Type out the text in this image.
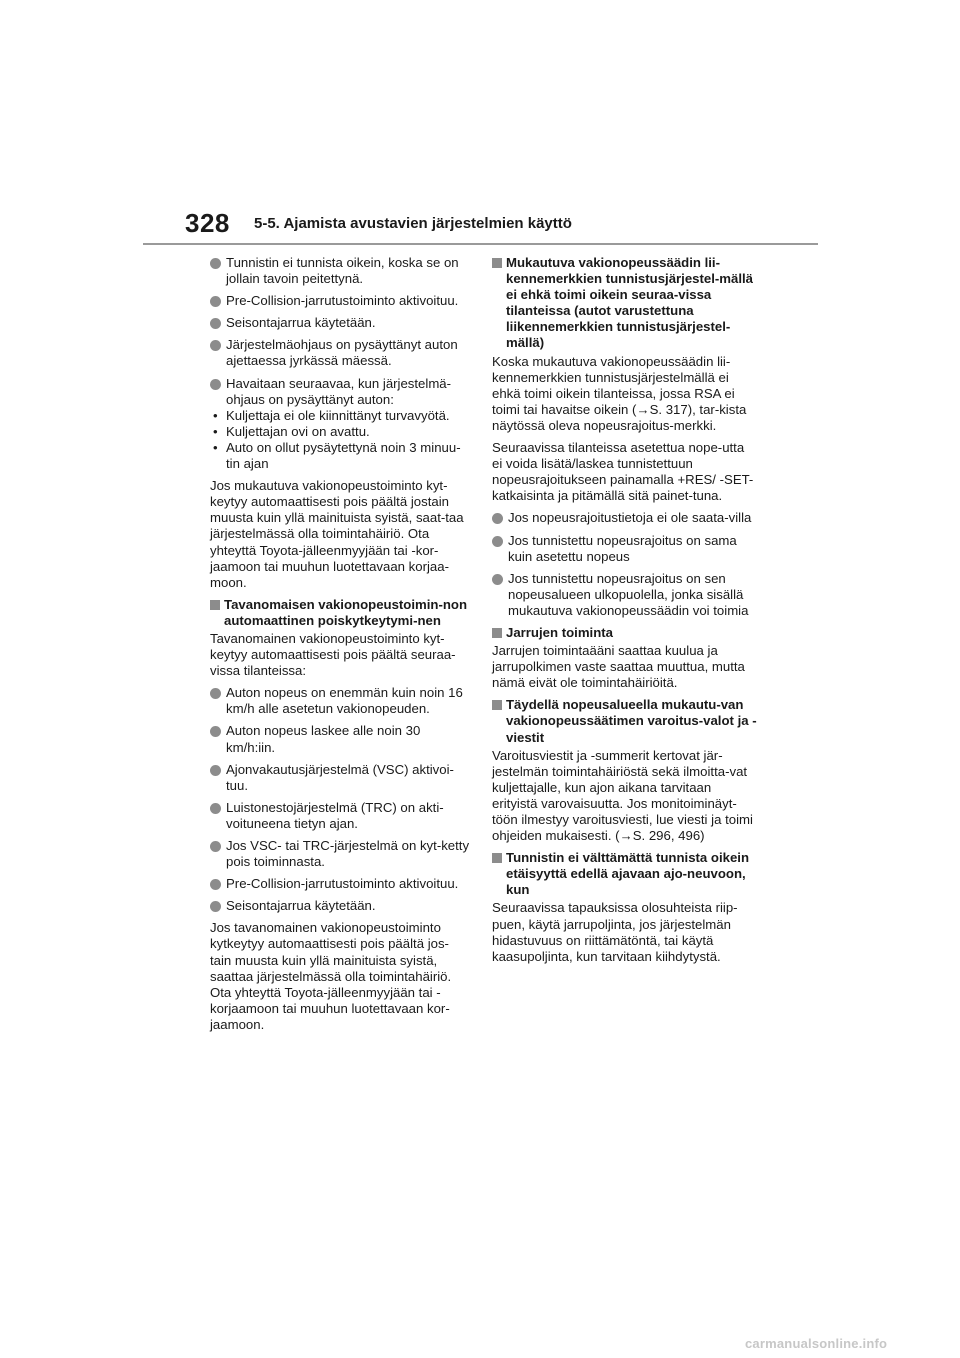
328 5-5. Ajamista avustavien järjestelmien käyttö
Tunnistin ei tunnista oikein, koska se on jollain tavoin peitettynä.
Pre-Collision-jarrutustoiminto aktivoituu.
Seisontajarrua käytetään.
Järjestelmäohjaus on pysäyttänyt auton ajettaessa jyrkässä mäessä.
Havaitaan seuraavaa, kun järjestelmä-ohjaus on pysäyttänyt auton:
• Kuljettaja ei ole kiinnittänyt turvavyötä.
• Kuljettajan ovi on avattu.
• Auto on ollut pysäytettynä noin 3 minuu-tin ajan
Jos mukautuva vakionopeustoiminto kyt-keytyy automaattisesti pois päältä jostain muusta kuin yllä mainituista syistä, saat-taa järjestelmässä olla toimintahäiriö. Ota yhteyttä Toyota-jälleenmyyjään tai -kor-jaamoon tai muuhun luotettavaan korjaa-moon.
Tavanomaisen vakionopeustoimin-non automaattinen poiskytkeytymi-nen
Tavanomainen vakionopeustoiminto kyt-keytyy automaattisesti pois päältä seuraa-vissa tilanteissa:
Auton nopeus on enemmän kuin noin 16 km/h alle asetetun vakionopeuden.
Auton nopeus laskee alle noin 30 km/h:iin.
Ajonvakautusjärjestelmä (VSC) aktivoi-tuu.
Luistonestojärjestelmä (TRC) on akti-voituneena tietyn ajan.
Jos VSC- tai TRC-järjestelmä on kyt-ketty pois toiminnasta.
Pre-Collision-jarrutustoiminto aktivoituu.
Seisontajarrua käytetään.
Jos tavanomainen vakionopeustoiminto kytkeytyy automaattisesti pois päältä jos-tain muusta kuin yllä mainituista syistä, saattaa järjestelmässä olla toimintahäiriö. Ota yhteyttä Toyota-jälleenmyyjään tai -korjaamoon tai muuhun luotettavaan kor-jaamoon.
Mukautuva vakionopeussäädin lii-kennemerkkien tunnistusjärjestel-mällä ei ehkä toimi oikein seuraa-vissa tilanteissa (autot varustettuna liikennemerkkien tunnistusjärjestel-mällä)
Koska mukautuva vakionopeussäädin lii-kennemerkkien tunnistusjärjestelmällä ei ehkä toimi oikein tilanteissa, jossa RSA ei toimi tai havaitse oikein (→S. 317), tar-kista näytössä oleva nopeusrajoitus-merkki.
Seuraavissa tilanteissa asetettua nope-utta ei voida lisätä/laskea tunnistettuun nopeusrajoitukseen painamalla +RES/ -SET-katkaisinta ja pitämällä sitä painet-tuna.
Jos nopeusrajoitustietoja ei ole saata-villa
Jos tunnistettu nopeusrajoitus on sama kuin asetettu nopeus
Jos tunnistettu nopeusrajoitus on sen nopeusalueen ulkopuolella, jonka sisällä mukautuva vakionopeussäädin voi toimia
Jarrujen toiminta
Jarrujen toimintaääni saattaa kuulua ja jarrupolkimen vaste saattaa muuttua, mutta nämä eivät ole toimintahäiriöitä.
Täydellä nopeusalueella mukautu-van vakionopeussäätimen varoitus-valot ja -viestit
Varoitusviestit ja -summerit kertovat jär-jestelmän toimintahäiriöstä sekä ilmoitta-vat kuljettajalle, kun ajon aikana tarvitaan erityistä varovaisuutta. Jos monitoiminäyt-töön ilmestyy varoitusviesti, lue viesti ja toimi ohjeiden mukaisesti. (→S. 296, 496)
Tunnistin ei välttämättä tunnista oikein etäisyyttä edellä ajavaan ajo-neuvoon, kun
Seuraavissa tapauksissa olosuhteista riip-puen, käytä jarrupoljinta, jos järjestelmän hidastuvuus on riittämätöntä, tai käytä kaasupoljinta, kun tarvitaan kiihdytystä.
carmanualsonline.info
